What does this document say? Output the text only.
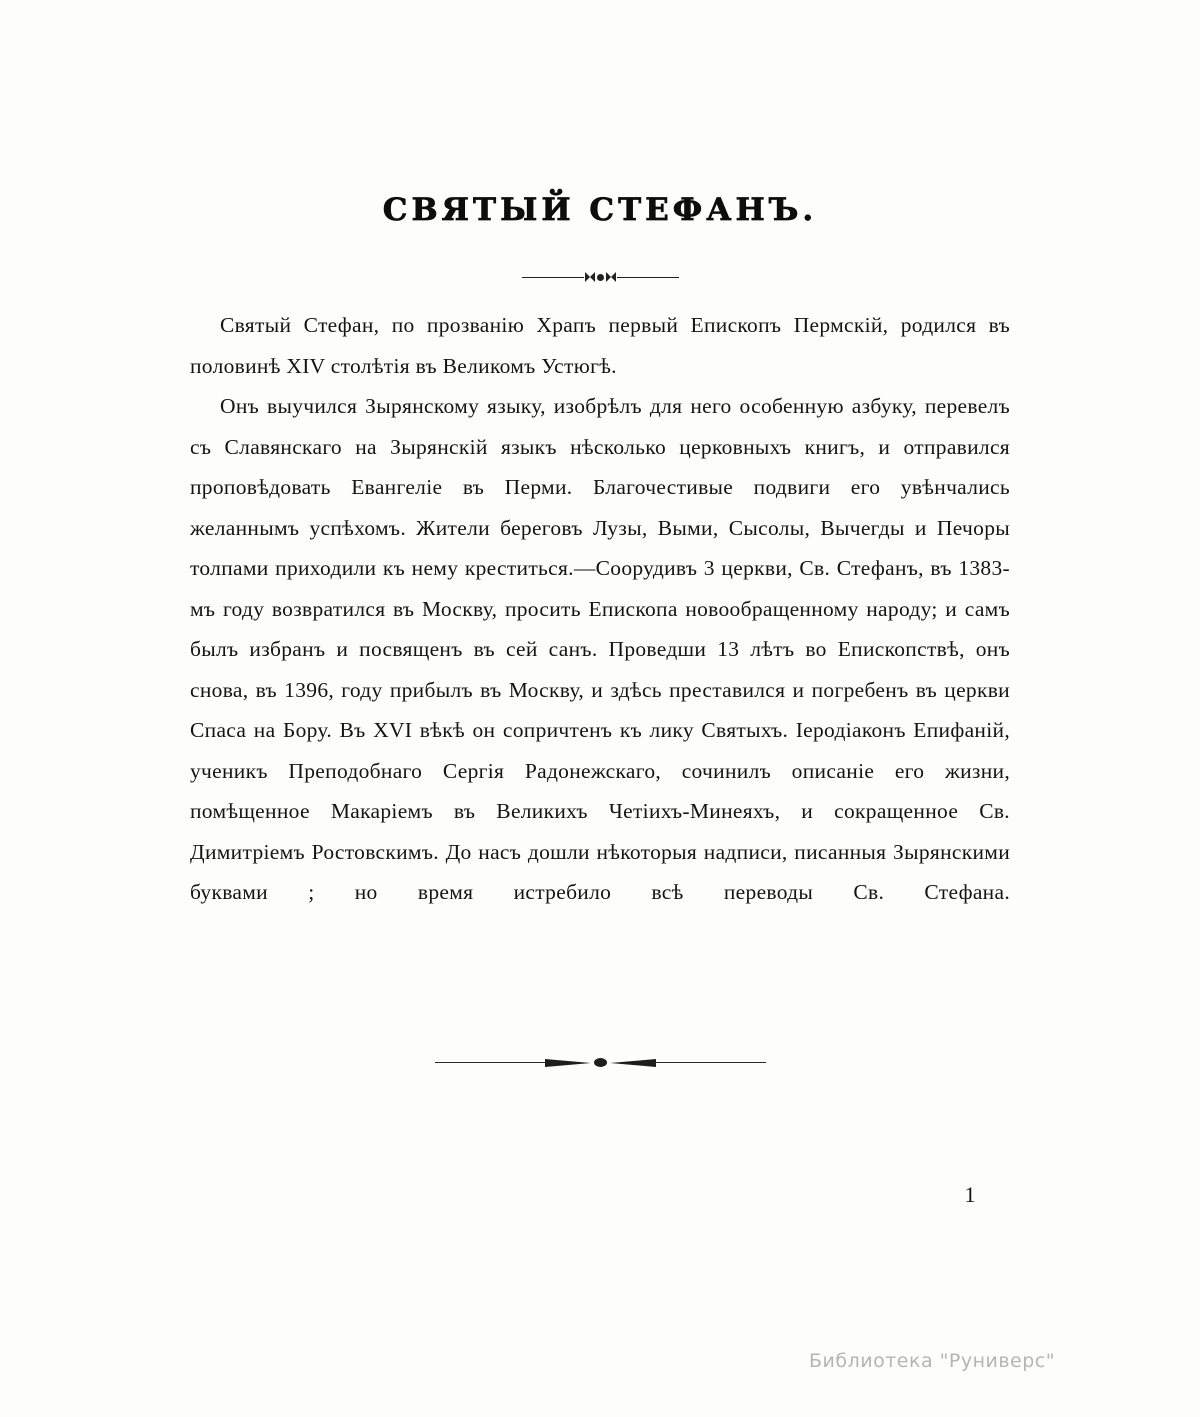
СВЯТЫЙ СТЕФАНЪ.

Святый Стефан, по прозванію Храпъ первый Епископъ Пермскій, родился въ половинѣ XIV столѣтія въ Великомъ Устюгѣ.

Онъ выучился Зырянскому языку, изобрѣлъ для него особенную азбуку, перевелъ съ Славянскаго на Зырянскій языкъ нѣсколько церковныхъ книгъ, и отправился проповѣдовать Евангеліе въ Перми. Благочестивые подвиги его увѣнчались желаннымъ успѣхомъ. Жители береговъ Лузы, Выми, Сысолы, Вычегды и Печоры толпами приходили къ нему креститься.—Соорудивъ 3 церкви, Св. Стефанъ, въ 1383-мъ году возвратился въ Москву, просить Епископа новообращенному народу; и самъ былъ избранъ и посвященъ въ сей санъ. Проведши 13 лѣтъ во Епископствѣ, онъ снова, въ 1396, году прибылъ въ Москву, и здѣсь преставился и погребенъ въ церкви Спаса на Бору. Въ XVI вѣкѣ он сопричтенъ къ лику Святыхъ. Іеродіаконъ Епифаній, ученикъ Преподобнаго Сергія Радонежскаго, сочинилъ описаніе его жизни, помѣщенное Макаріемъ въ Великихъ Четіихъ-Минеяхъ, и сокращенное Св. Димитріемъ Ростовскимъ. До насъ дошли нѣкоторыя надписи, писанныя Зырянскими буквами ; но время истребило всѣ переводы Св. Стефана.

1
Библиотека "Руниверс"
